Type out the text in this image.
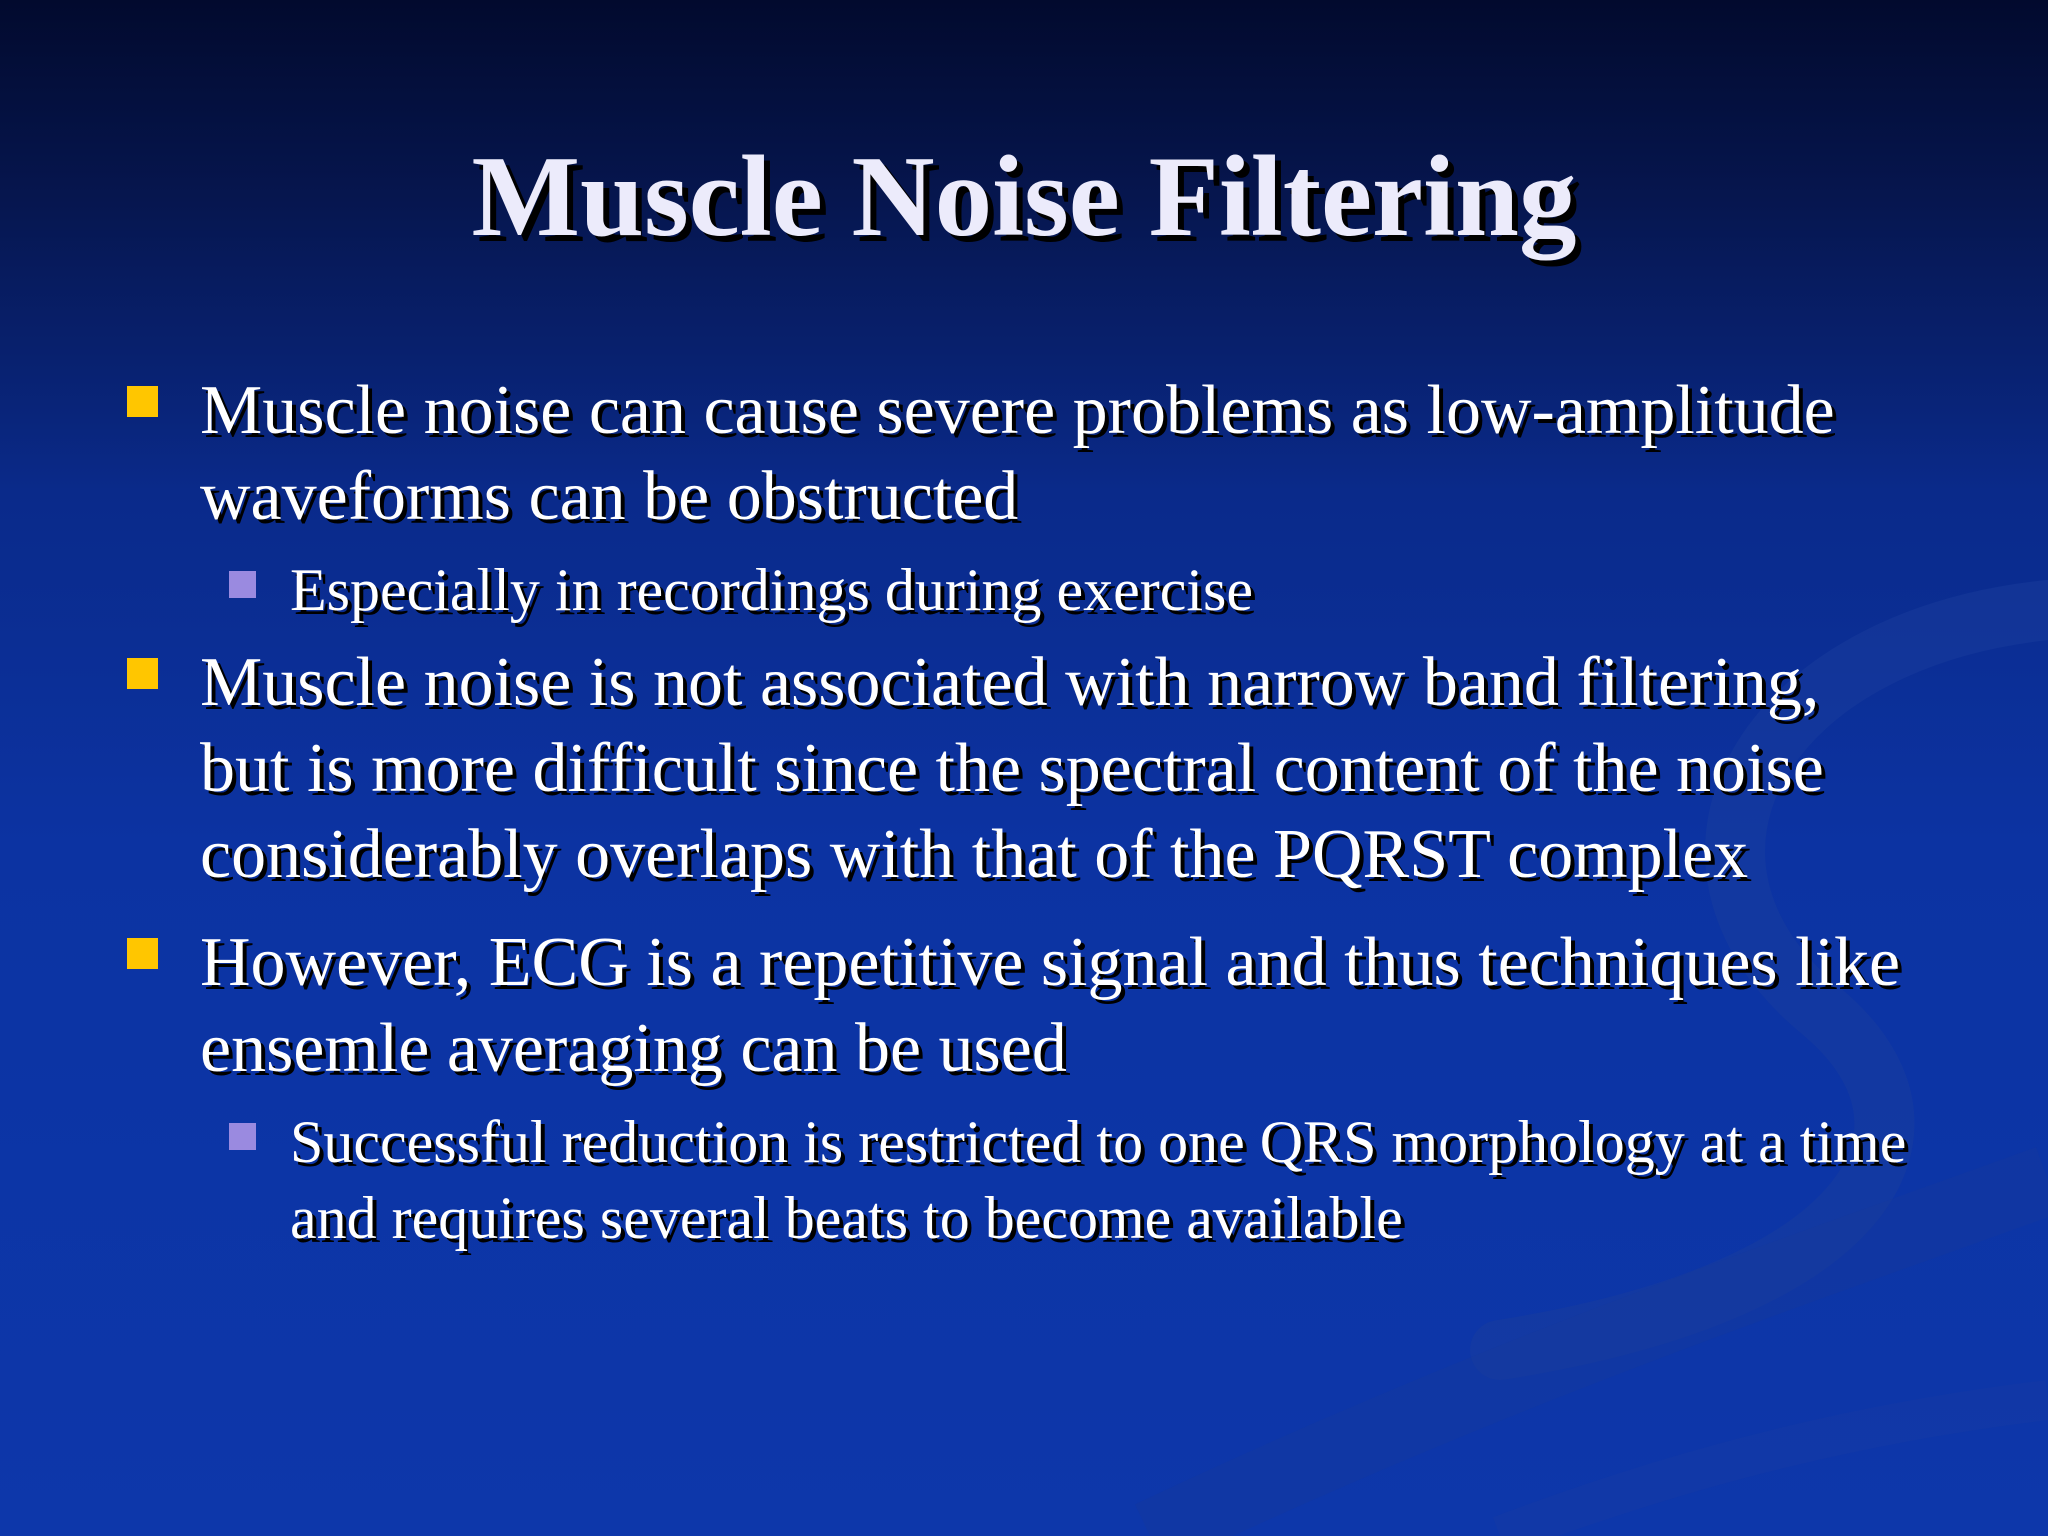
Muscle Noise Filtering
Muscle noise can cause severe problems as low-amplitude waveforms can be obstructed
Especially in recordings during exercise
Muscle noise is not associated with narrow band filtering, but is more difficult since the spectral content of the noise considerably overlaps with that of the PQRST complex
However, ECG is a repetitive signal and thus techniques like ensemle averaging can be used
Successful reduction is restricted to one QRS morphology at a time and requires several beats to become available
